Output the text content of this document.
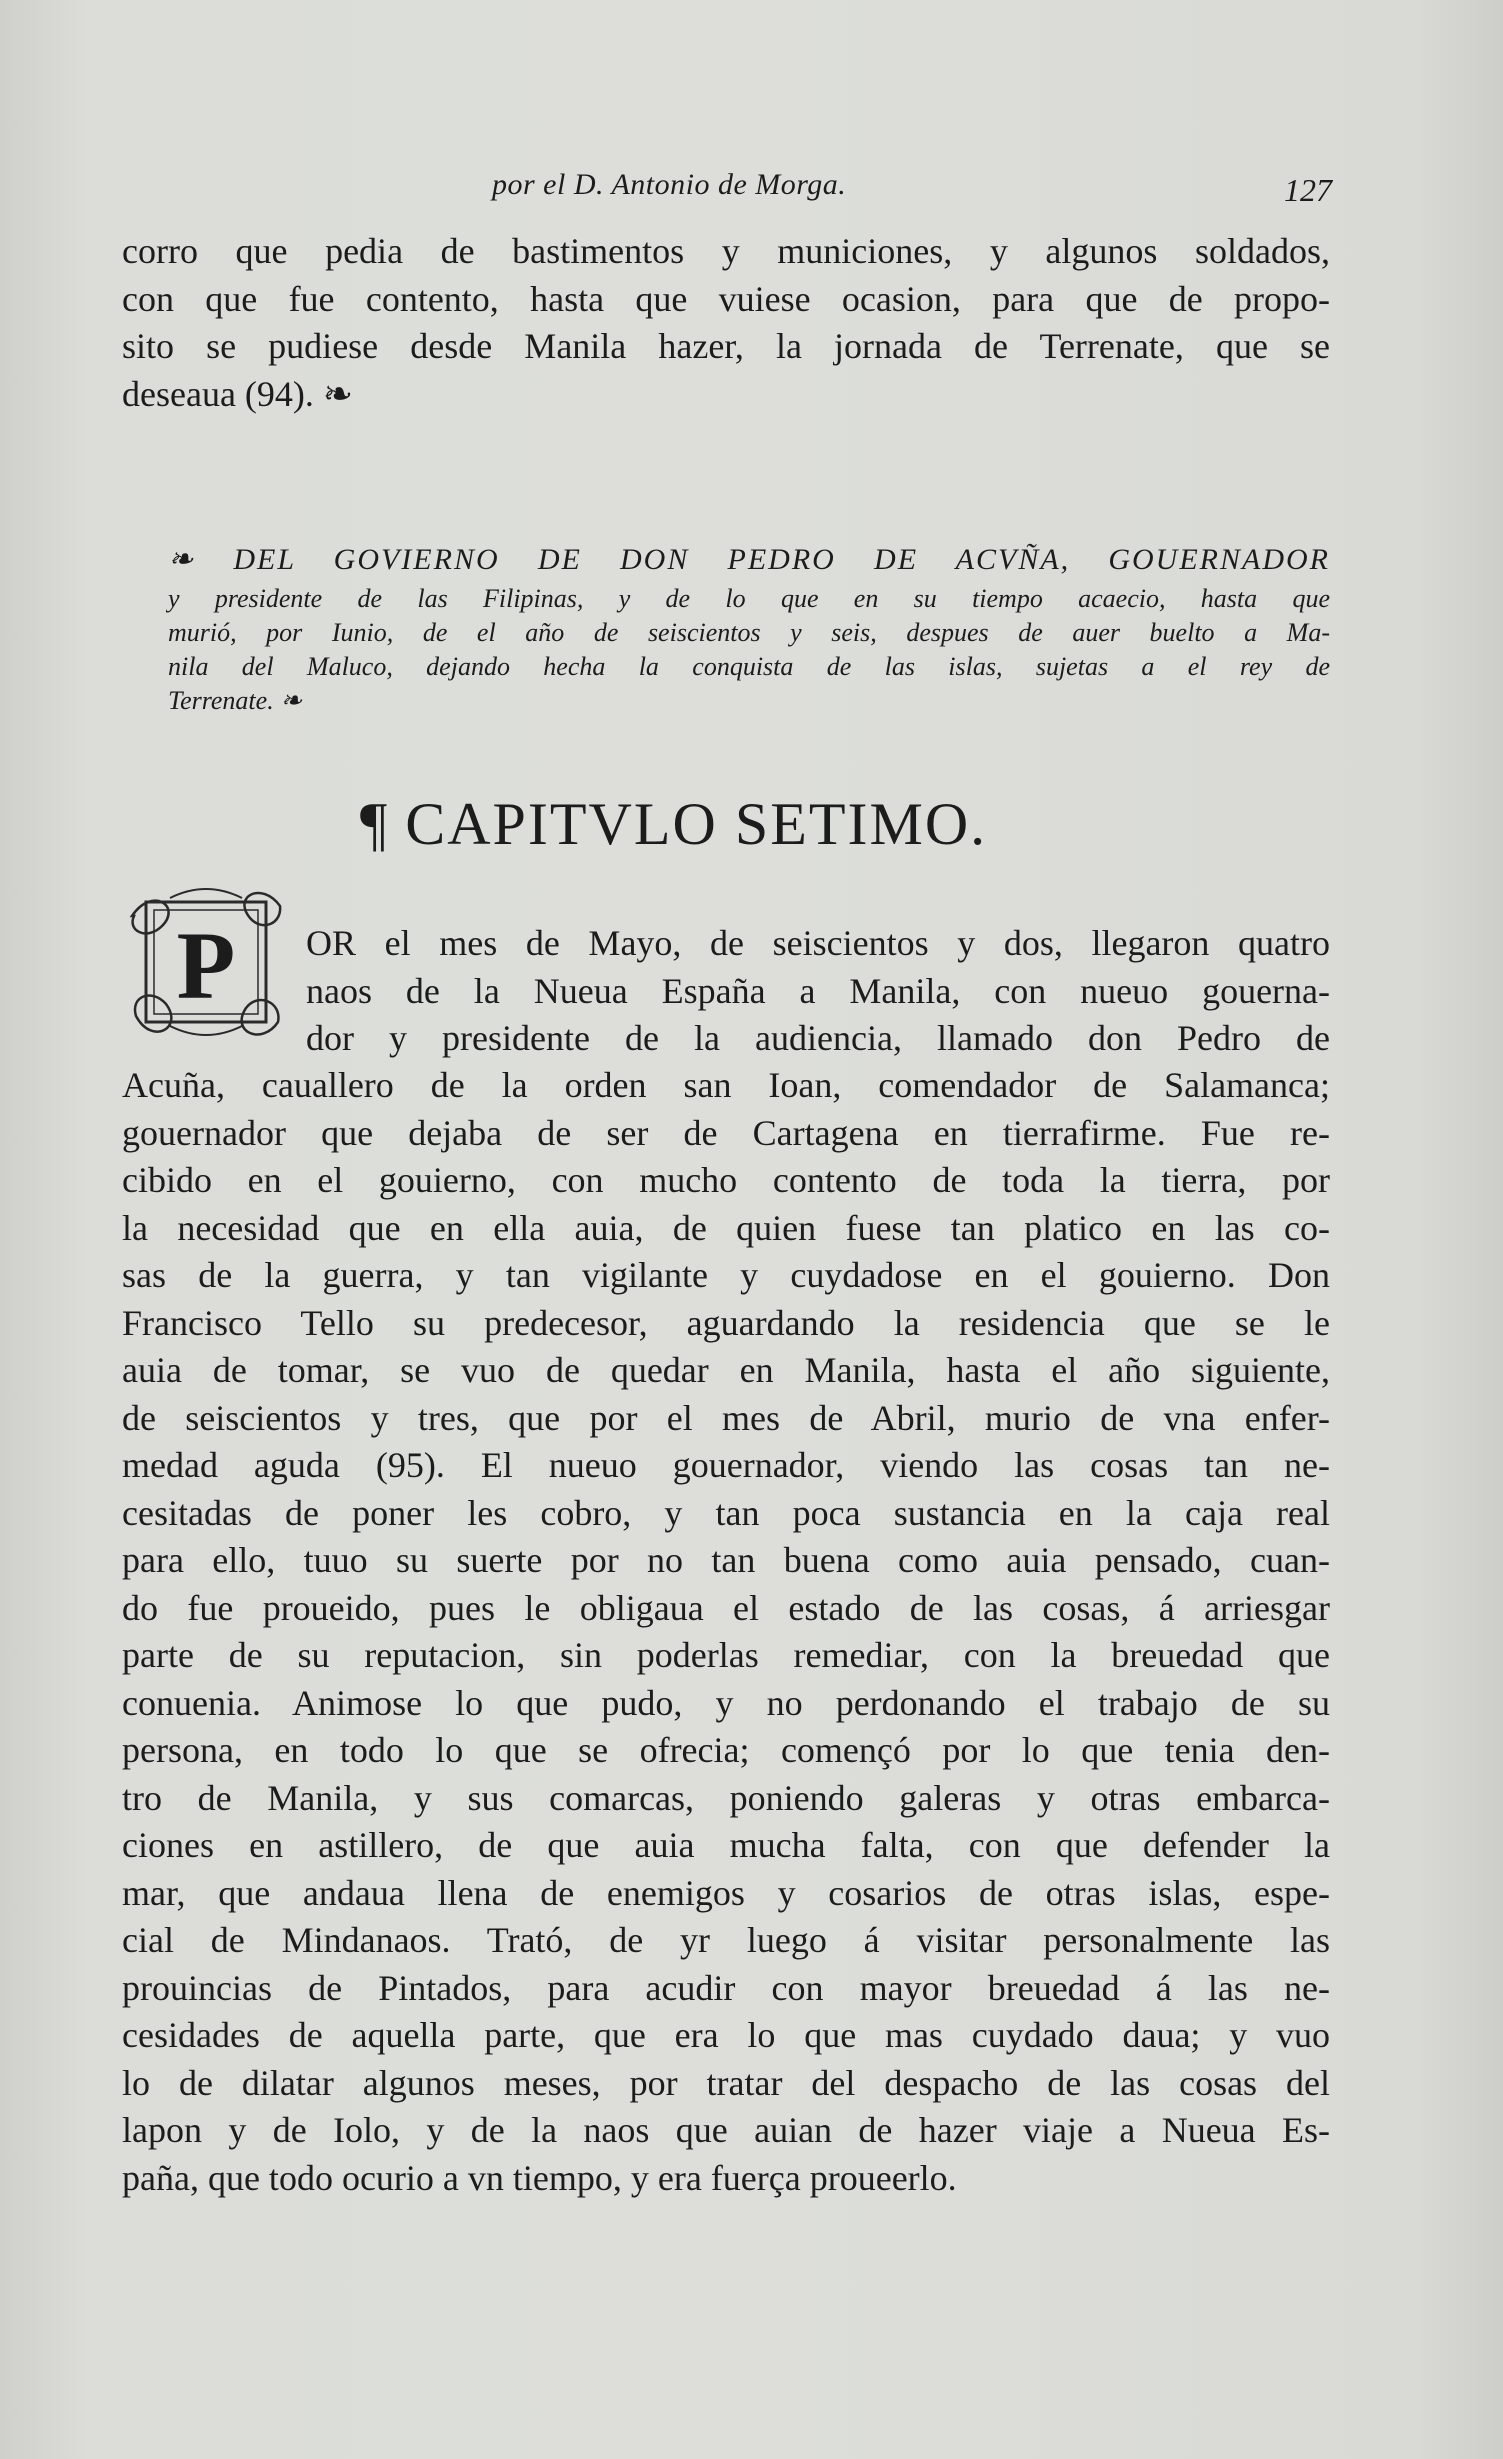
por el D. Antonio de Morga.	127
corro que pedia de bastimentos y municiones, y algunos soldados,
con que fue contento, hasta que vuiese ocasion, para que de propo-
sito se pudiese desde Manila hazer, la jornada de Terrenate, que se
deseaua (94). ❧
❧ DEL GOVIERNO DE DON PEDRO DE ACVÑA, GOUERNADOR
y presidente de las Filipinas, y de lo que en su tiempo acaecio, hasta que
murió, por Iunio, de el año de seiscientos y seis, despues de auer buelto a Ma-
nila del Maluco, dejando hecha la conquista de las islas, sujetas a el rey de
Terrenate. ❧
¶ CAPITVLO SETIMO.
P OR el mes de Mayo, de seiscientos y dos, llegaron quatro
naos de la Nueua España a Manila, con nueuo gouerna-
dor y presidente de la audiencia, llamado don Pedro de
Acuña, cauallero de la orden san Ioan, comendador de Salamanca;
gouernador que dejaba de ser de Cartagena en tierrafirme. Fue re-
cibido en el gouierno, con mucho contento de toda la tierra, por
la necesidad que en ella auia, de quien fuese tan platico en las co-
sas de la guerra, y tan vigilante y cuydadose en el gouierno. Don
Francisco Tello su predecesor, aguardando la residencia que se le
auia de tomar, se vuo de quedar en Manila, hasta el año siguiente,
de seiscientos y tres, que por el mes de Abril, murio de vna enfer-
medad aguda (95). El nueuo gouernador, viendo las cosas tan ne-
cesitadas de poner les cobro, y tan poca sustancia en la caja real
para ello, tuuo su suerte por no tan buena como auia pensado, cuan-
do fue proueido, pues le obligaua el estado de las cosas, á arriesgar
parte de su reputacion, sin poderlas remediar, con la breuedad que
conuenia. Animose lo que pudo, y no perdonando el trabajo de su
persona, en todo lo que se ofrecia; començó por lo que tenia den-
tro de Manila, y sus comarcas, poniendo galeras y otras embarca-
ciones en astillero, de que auia mucha falta, con que defender la
mar, que andaua llena de enemigos y cosarios de otras islas, espe-
cial de Mindanaos. Trató, de yr luego á visitar personalmente las
prouincias de Pintados, para acudir con mayor breuedad á las ne-
cesidades de aquella parte, que era lo que mas cuydado daua; y vuo
lo de dilatar algunos meses, por tratar del despacho de las cosas del
lapon y de Iolo, y de la naos que auian de hazer viaje a Nueua Es-
paña, que todo ocurio a vn tiempo, y era fuerça proueerlo.
